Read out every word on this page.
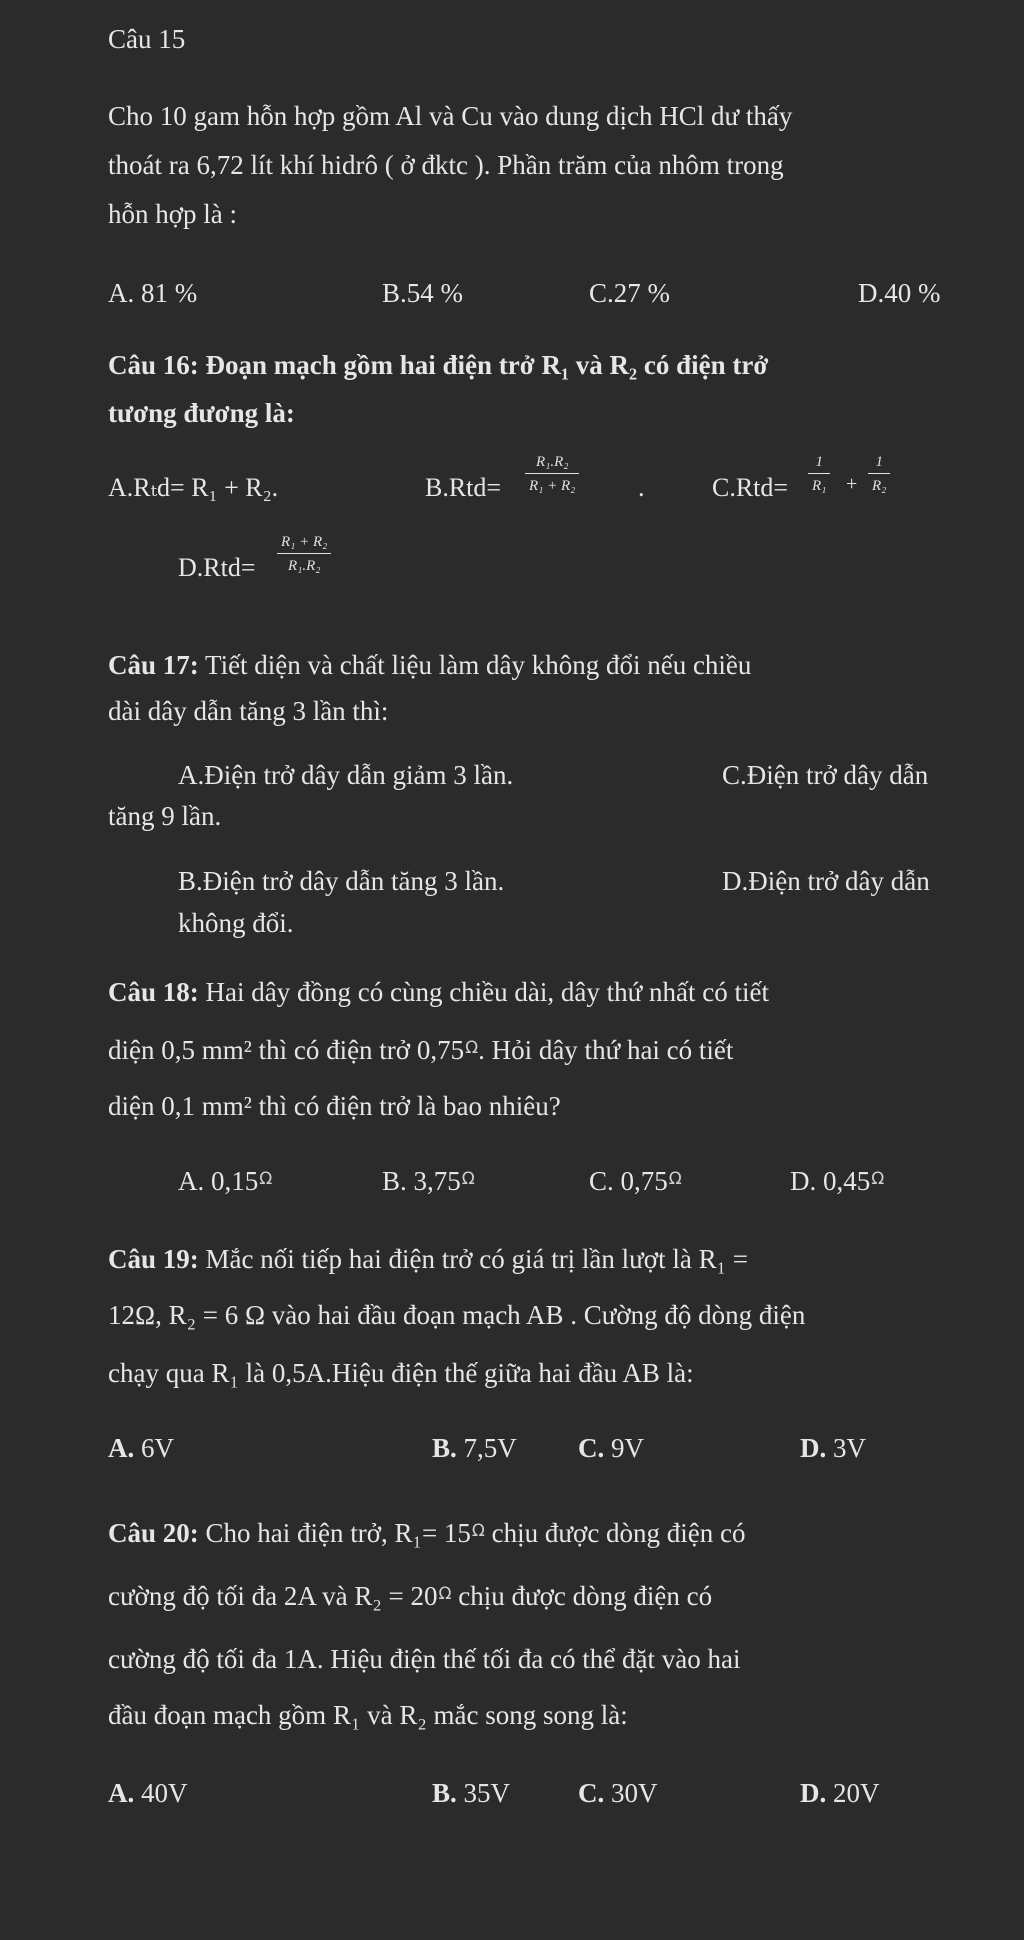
Câu 15
Cho 10 gam hỗn hợp gồm Al và Cu vào dung dịch HCl dư thấy
thoát ra 6,72 lít khí hidrô ( ở đktc ). Phần trăm của nhôm trong
hỗn hợp là :
A. 81 %	B.54 %	C.27 %	D.40 %
Câu 16: Đoạn mạch gồm hai điện trở R₁ và R₂ có điện trở
tương đương là:
A.Rₜd= R₁ + R₂.	$B.Rtd= \frac{\text{R₁.R₂}}{\text{R₁ + R₂}}$ .	$C.Rtd= \frac{1}{\text{R₁}} + \frac{1}{\text{R₂}}$
$D.Rtd= \frac{\text{R₁ + R₂}}{\text{R₁.R₂}}$
Câu 17: Tiết diện và chất liệu làm dây không đổi nếu chiều
dài dây dẫn tăng 3 lần thì:
A.Điện trở dây dẫn giảm 3 lần.	C.Điện trở dây dẫn
tăng 9 lần.
B.Điện trở dây dẫn tăng 3 lần.	D.Điện trở dây dẫn
không đổi.
Câu 18: Hai dây đồng có cùng chiều dài, dây thứ nhất có tiết
diện 0,5 mm² thì có điện trở $0,75^\Omega$. Hỏi dây thứ hai có tiết
diện 0,1 mm² thì có điện trở là bao nhiêu?
A. $0,15^\Omega$	B. $3,75^\Omega$	C. $0,75^\Omega$	D. $0,45^\Omega$
Câu 19: Mắc nối tiếp hai điện trở có giá trị lần lượt là R₁ =
12Ω, R₂ = 6 Ω vào hai đầu đoạn mạch AB . Cường độ dòng điện
chạy qua R₁ là 0,5A.Hiệu điện thế giữa hai đầu AB là:
A. 6V	B. 7,5V C. 9V	D. 3V
Câu 20: Cho hai điện trở, $R_1= 15^\Omega$ chịu được dòng điện có
cường độ tối đa 2A và $R_2 = 20^\Omega$ chịu được dòng điện có
cường độ tối đa 1A. Hiệu điện thế tối đa có thể đặt vào hai
đầu đoạn mạch gồm R₁ và R₂ mắc song song là:
A. 40V	B. 35V	C. 30V	D. 20V
